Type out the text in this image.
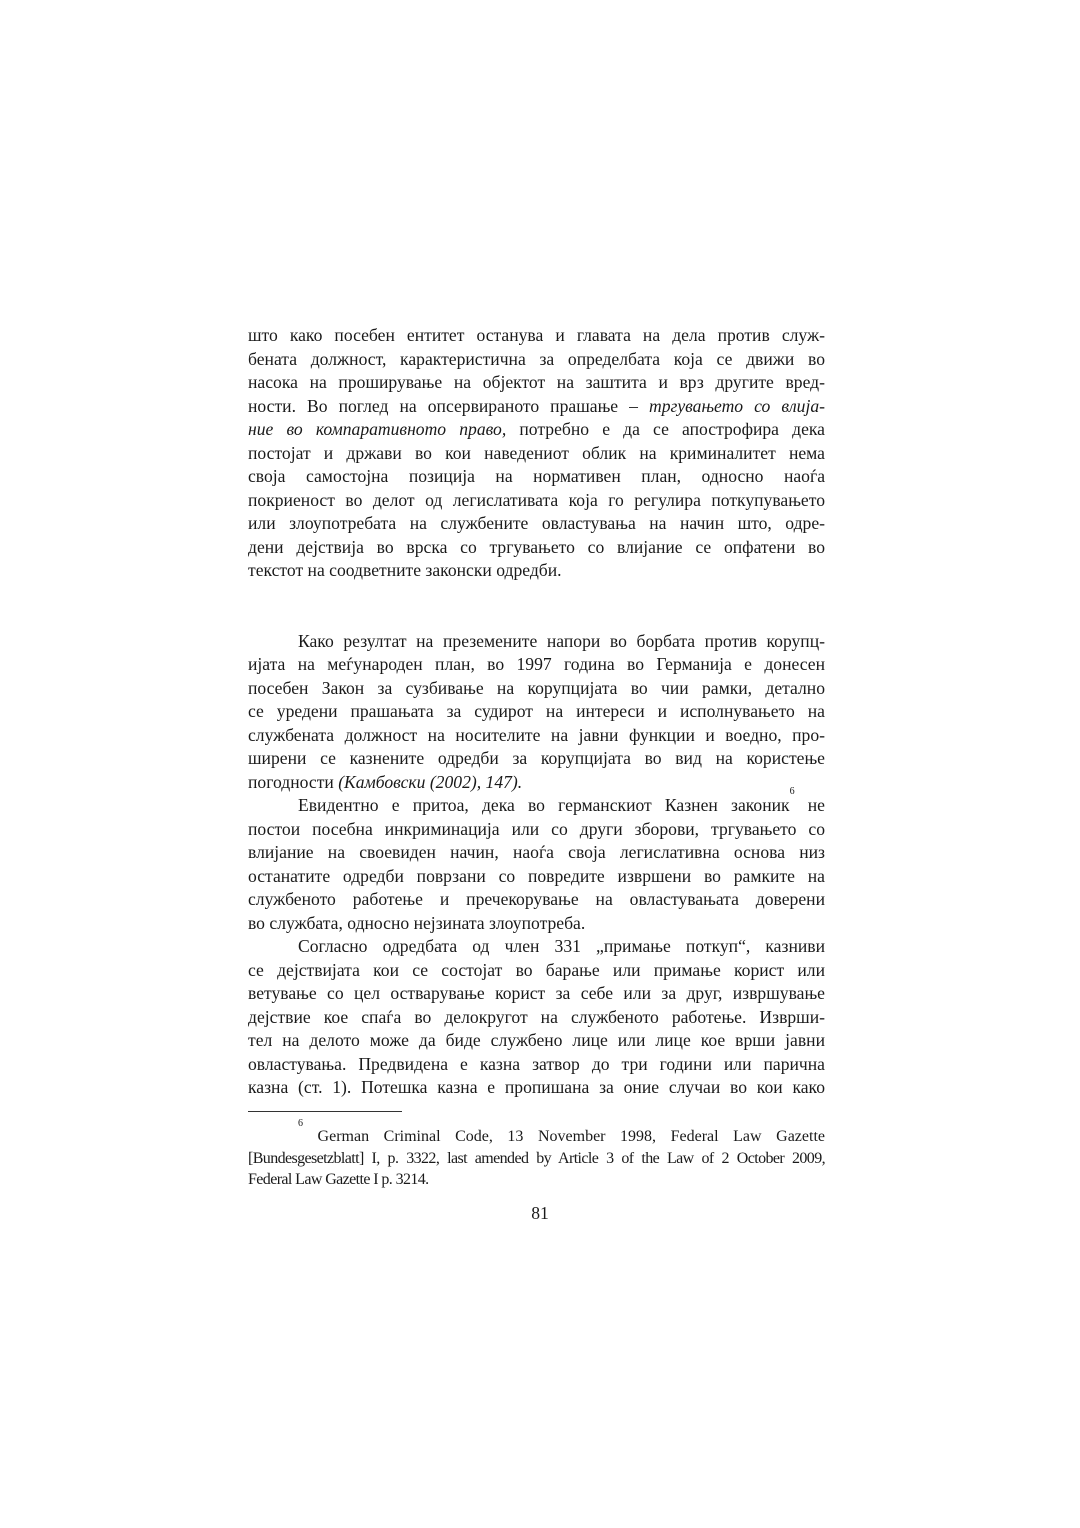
што како посебен ентитет останува и главата на дела против служ-
бената должност, карактеристична за определбата која се движи во
насока на проширување на објектот на заштита и врз другите вред-
ности. Во поглед на опсервираното прашање – тргувањето со влија-
ние во компаративното право, потребно е да се апострофира дека
постојат и држави во кои наведениот облик на криминалитет нема
своја самостојна позиција на нормативен план, односно наоѓа
покриеност во делот од легислативата која го регулира поткупувањето
или злоупотребата на службените овластувања на начин што, одре-
дени дејствија во врска со тргувањето со влијание се опфатени во
текстот на соодветните законски одредби.
Како резултат на преземените напори во борбата против корупц-
ијата на меѓународен план, во 1997 година во Германија е донесен
посебен Закон за сузбивање на корупцијата во чии рамки, детално
се уредени прашањата за судирот на интереси и исполнувањето на
службената должност на носителите на јавни функции и воедно, про-
ширени се казнените одредби за корупцијата во вид на користење
погодности (Камбовски (2002), 147).
Евидентно е притоа, дека во германскиот Казнен законик$^6$ не
постои посебна инкриминација или со други зборови, тргувањето со
влијание на своевиден начин, наоѓа своја легислативна основа низ
останатите одредби поврзани со повредите извршени во рамките на
службеното работење и пречекорување на овластувањата доверени
во службата, односно нејзината злоупотреба.
Согласно одредбата од член 331 „примање поткуп“, казниви
се дејствијата кои се состојат во барање или примање корист или
ветување со цел остварување корист за себе или за друг, извршување
дејствие кое спаѓа во делокругот на службеното работење. Изврши-
тел на делото може да биде службено лице или лице кое врши јавни
овластувања. Предвидена е казна затвор до три години или парична
казна (ст. 1). Потешка казна е пропишана за оние случаи во кои како
$^6$ German Criminal Code, 13 November 1998, Federal Law Gazette
[Bundesgesetzblatt] I, p. 3322, last amended by Article 3 of the Law of 2 October 2009,
Federal Law Gazette I p. 3214.
81
